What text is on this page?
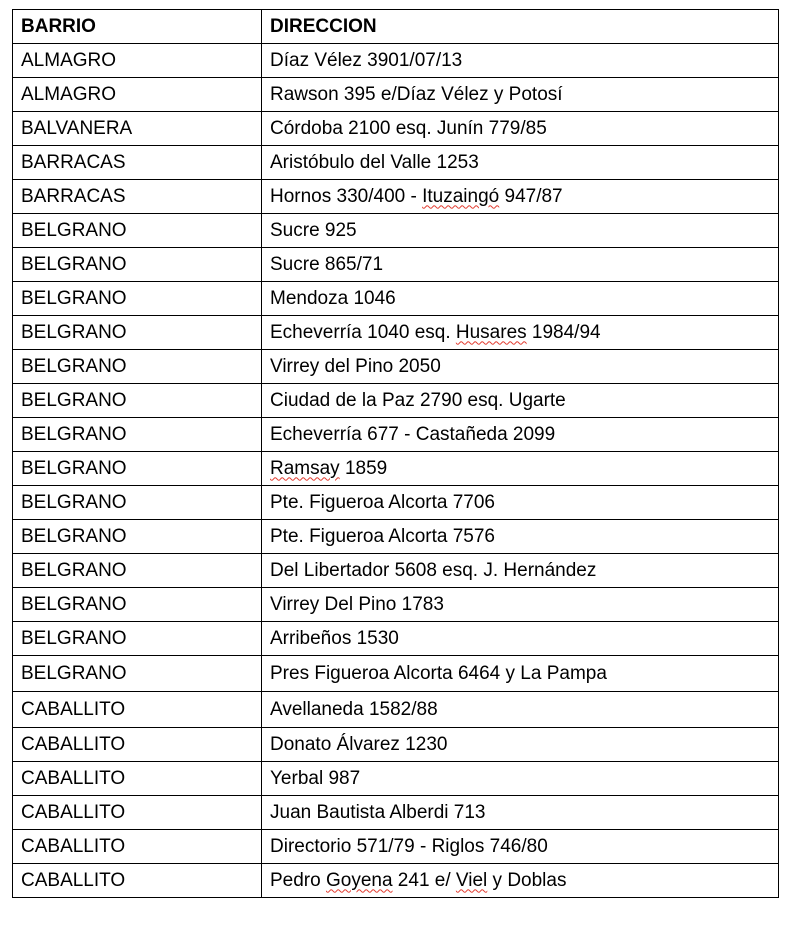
BARRIO	DIRECCION
ALMAGRO	Díaz Vélez 3901/07/13
ALMAGRO	Rawson 395 e/Díaz Vélez y Potosí
BALVANERA	Córdoba 2100 esq. Junín 779/85
BARRACAS	Aristóbulo del Valle 1253
BARRACAS	Hornos 330/400 - Ituzaingó 947/87
BELGRANO	Sucre 925
BELGRANO	Sucre 865/71
BELGRANO	Mendoza 1046
BELGRANO	Echeverría 1040 esq. Husares 1984/94
BELGRANO	Virrey del Pino 2050
BELGRANO	Ciudad de la Paz 2790 esq. Ugarte
BELGRANO	Echeverría 677 - Castañeda 2099
BELGRANO	Ramsay 1859
BELGRANO	Pte. Figueroa Alcorta 7706
BELGRANO	Pte. Figueroa Alcorta 7576
BELGRANO	Del Libertador 5608 esq. J. Hernández
BELGRANO	Virrey Del Pino 1783
BELGRANO	Arribeños 1530
BELGRANO	Pres Figueroa Alcorta 6464 y La Pampa
CABALLITO	Avellaneda 1582/88
CABALLITO	Donato Álvarez 1230
CABALLITO	Yerbal 987
CABALLITO	Juan Bautista Alberdi 713
CABALLITO	Directorio 571/79 - Riglos 746/80
CABALLITO	Pedro Goyena 241 e/ Viel y Doblas
